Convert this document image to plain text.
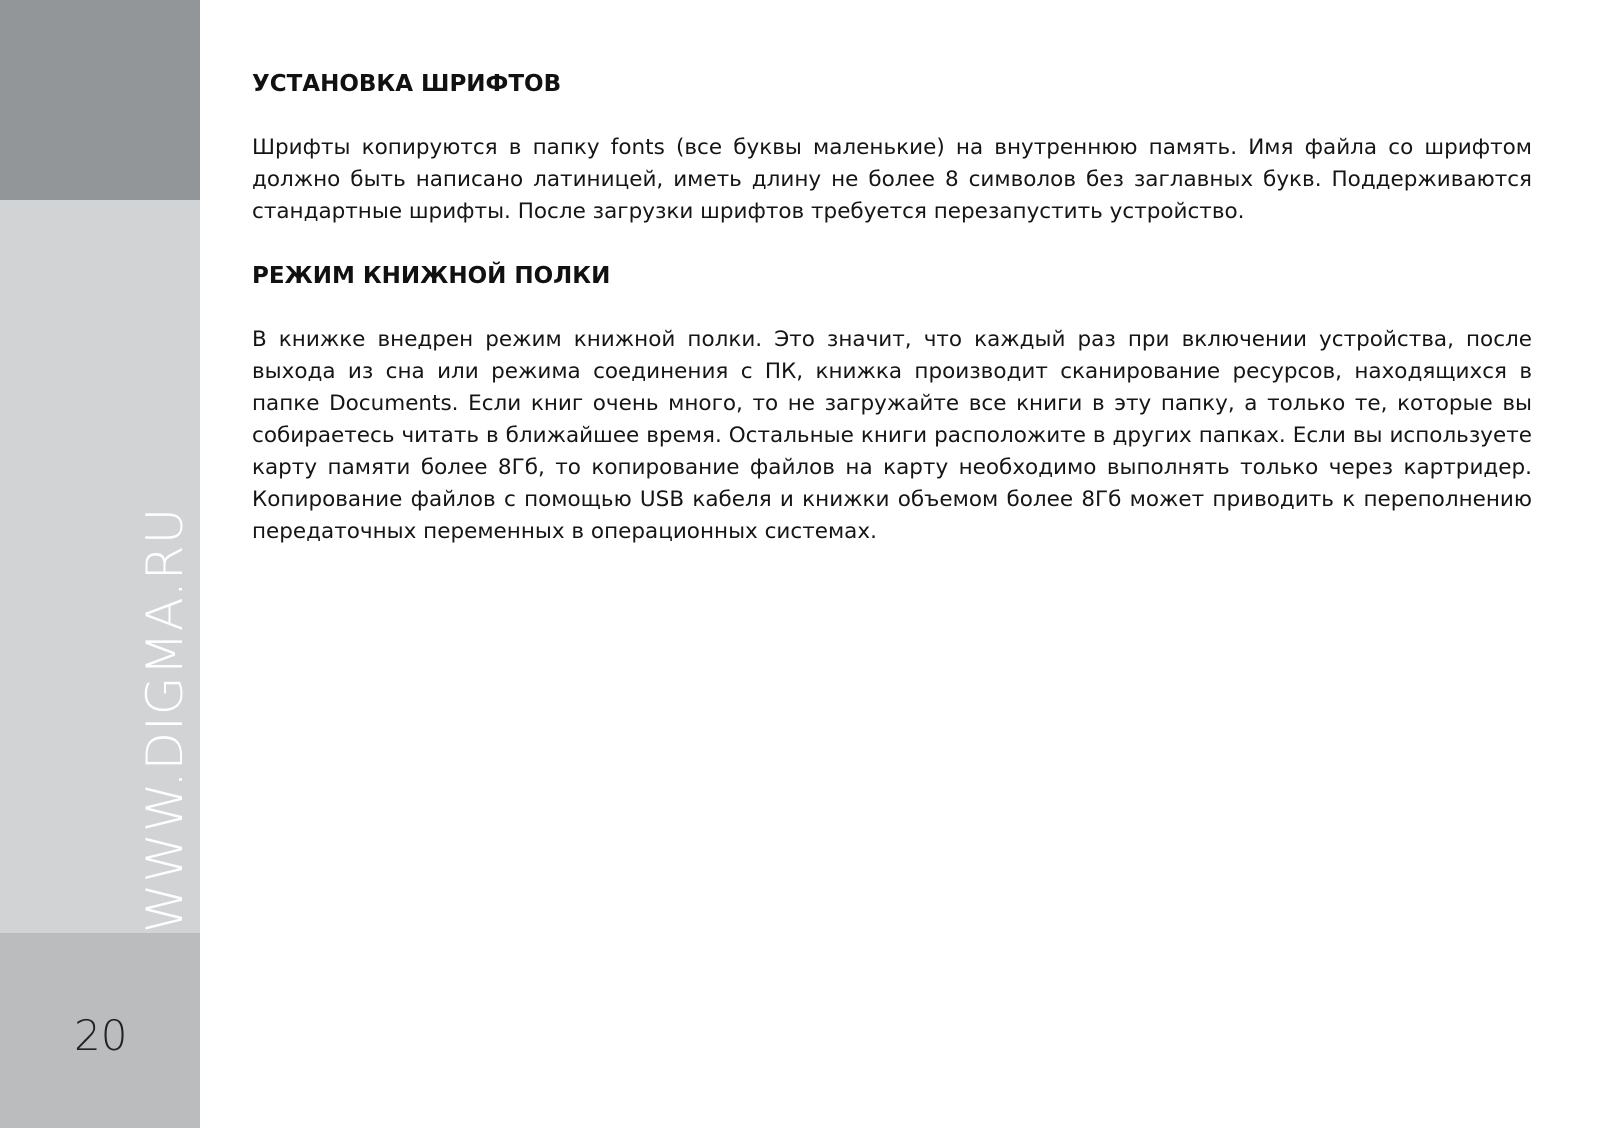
WWW.DIGMA.RU
20
УСТАНОВКА ШРИФТОВ

Шрифты копируются в папку fonts (все буквы маленькие) на внутреннюю память. Имя файла со шрифтом должно быть написано латиницей, иметь длину не более 8 символов без заглавных букв. Поддерживаются стандартные шрифты. После загрузки шрифтов требуется перезапустить устройство.

РЕЖИМ КНИЖНОЙ ПОЛКИ

В книжке внедрен режим книжной полки. Это значит, что каждый раз при включении устройства, после выхода из сна или режима соединения с ПК, книжка производит сканирование ресурсов, находящихся в папке Documents. Если книг очень много, то не загружайте все книги в эту папку, а только те, которые вы собираетесь читать в ближайшее время. Остальные книги расположите в других папках. Если вы используете карту памяти более 8Гб, то копирование файлов на карту необходимо выполнять только через картридер. Копирование файлов с помощью USB кабеля и книжки объемом более 8Гб может приводить к переполнению передаточных переменных в операционных системах.
